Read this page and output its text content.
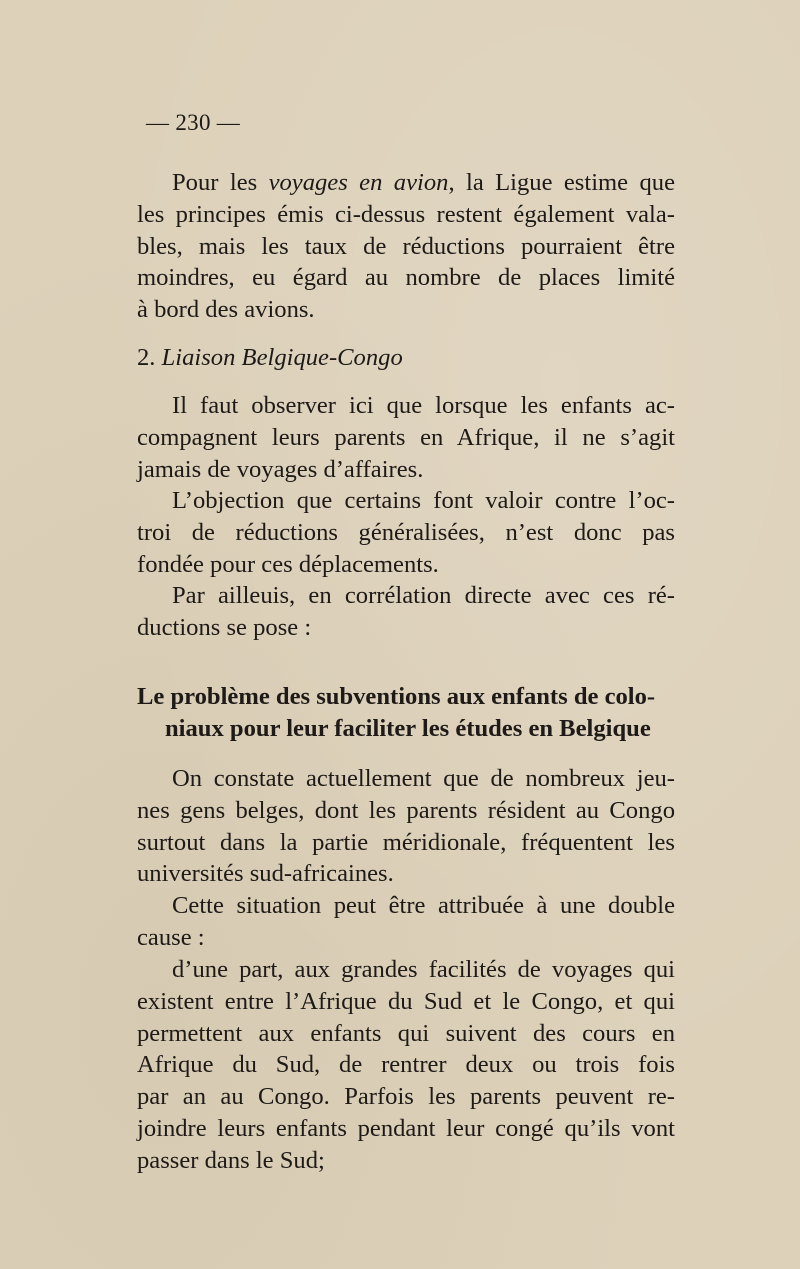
— 230 —

Pour les voyages en avion, la Ligue estime que
les principes émis ci-dessus restent également vala-
bles, mais les taux de réductions pourraient être
moindres, eu égard au nombre de places limité
à bord des avions.

2. Liaison Belgique-Congo

Il faut observer ici que lorsque les enfants ac-
compagnent leurs parents en Afrique, il ne s’agit
jamais de voyages d’affaires.

L’objection que certains font valoir contre l’oc-
troi de réductions généralisées, n’est donc pas
fondée pour ces déplacements.

Par ailleuis, en corrélation directe avec ces ré-
ductions se pose :

Le problème des subventions aux enfants de colo-
niaux pour leur faciliter les études en Belgique

On constate actuellement que de nombreux jeu-
nes gens belges, dont les parents résident au Congo
surtout dans la partie méridionale, fréquentent les
universités sud-africaines.

Cette situation peut être attribuée à une double
cause :

d’une part, aux grandes facilités de voyages qui
existent entre l’Afrique du Sud et le Congo, et qui
permettent aux enfants qui suivent des cours en
Afrique du Sud, de rentrer deux ou trois fois
par an au Congo. Parfois les parents peuvent re-
joindre leurs enfants pendant leur congé qu’ils vont
passer dans le Sud;
